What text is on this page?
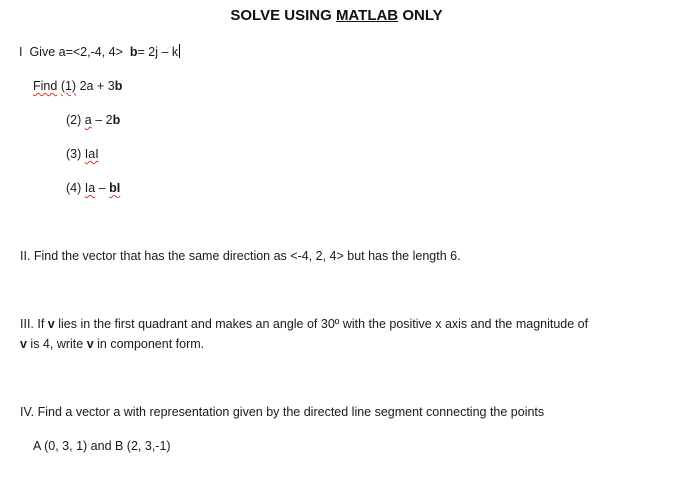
SOLVE USING MATLAB ONLY
I Give a=<2,-4, 4> b= 2j – k
Find (1) 2a + 3b
(2) a – 2b
(3) IaI
(4) Ia – bI
II. Find the vector that has the same direction as <-4, 2, 4> but has the length 6.
III. If v lies in the first quadrant and makes an angle of 30º with the positive x axis and the magnitude of
v is 4, write v in component form.
IV. Find a vector a with representation given by the directed line segment connecting the points
A (0, 3, 1) and B (2, 3,-1)
